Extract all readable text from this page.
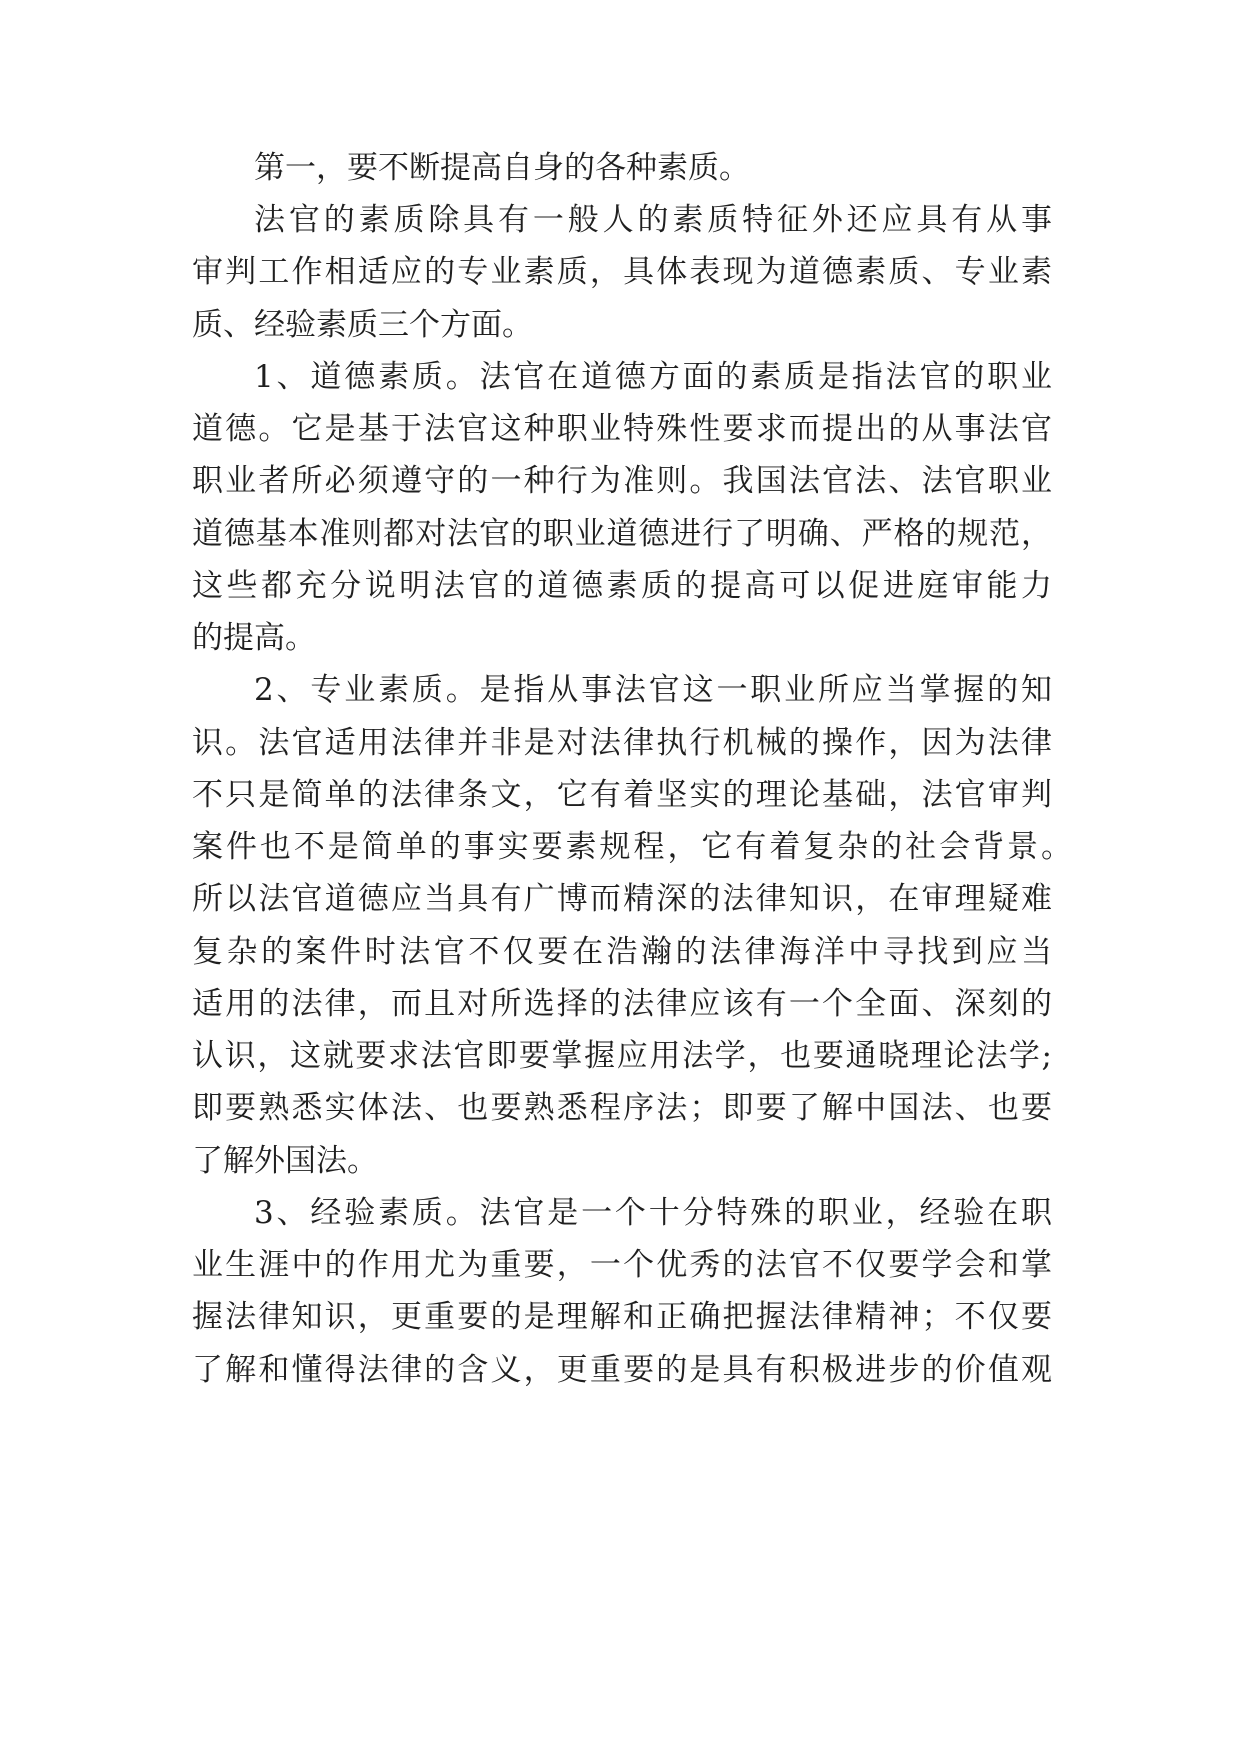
第一，要不断提高自身的各种素质。
法官的素质除具有一般人的素质特征外还应具有从事
审判工作相适应的专业素质，具体表现为道德素质、专业素
质、经验素质三个方面。
1、道德素质。法官在道德方面的素质是指法官的职业
道德。它是基于法官这种职业特殊性要求而提出的从事法官
职业者所必须遵守的一种行为准则。我国法官法、法官职业
道德基本准则都对法官的职业道德进行了明确、严格的规范，
这些都充分说明法官的道德素质的提高可以促进庭审能力
的提高。
2、专业素质。是指从事法官这一职业所应当掌握的知
识。法官适用法律并非是对法律执行机械的操作，因为法律
不只是简单的法律条文，它有着坚实的理论基础，法官审判
案件也不是简单的事实要素规程，它有着复杂的社会背景。
所以法官道德应当具有广博而精深的法律知识，在审理疑难
复杂的案件时法官不仅要在浩瀚的法律海洋中寻找到应当
适用的法律，而且对所选择的法律应该有一个全面、深刻的
认识，这就要求法官即要掌握应用法学，也要通晓理论法学;
即要熟悉实体法、也要熟悉程序法；即要了解中国法、也要
了解外国法。
3、经验素质。法官是一个十分特殊的职业，经验在职
业生涯中的作用尤为重要，一个优秀的法官不仅要学会和掌
握法律知识，更重要的是理解和正确把握法律精神；不仅要
了解和懂得法律的含义，更重要的是具有积极进步的价值观
